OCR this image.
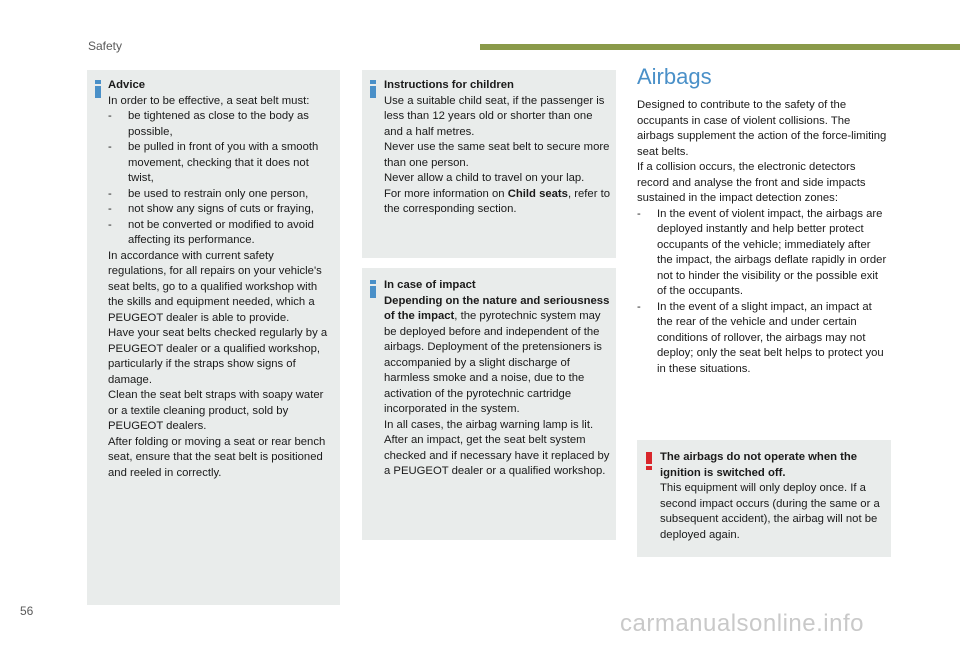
Safety

Advice

In order to be effective, a seat belt must:

- be tightened as close to the body as possible,
- be pulled in front of you with a smooth movement, checking that it does not twist,
- be used to restrain only one person,
- not show any signs of cuts or fraying,
- not be converted or modified to avoid affecting its performance.

In accordance with current safety regulations, for all repairs on your vehicle's seat belts, go to a qualified workshop with the skills and equipment needed, which a PEUGEOT dealer is able to provide.

Have your seat belts checked regularly by a PEUGEOT dealer or a qualified workshop, particularly if the straps show signs of damage.

Clean the seat belt straps with soapy water or a textile cleaning product, sold by PEUGEOT dealers.

After folding or moving a seat or rear bench seat, ensure that the seat belt is positioned and reeled in correctly.

Instructions for children

Use a suitable child seat, if the passenger is less than 12 years old or shorter than one and a half metres.

Never use the same seat belt to secure more than one person.

Never allow a child to travel on your lap.

For more information on Child seats, refer to the corresponding section.

In case of impact

Depending on the nature and seriousness of the impact, the pyrotechnic system may be deployed before and independent of the airbags. Deployment of the pretensioners is accompanied by a slight discharge of harmless smoke and a noise, due to the activation of the pyrotechnic cartridge incorporated in the system.

In all cases, the airbag warning lamp is lit.

After an impact, get the seat belt system checked and if necessary have it replaced by a PEUGEOT dealer or a qualified workshop.

Airbags

Designed to contribute to the safety of the occupants in case of violent collisions. The airbags supplement the action of the force-limiting seat belts.

If a collision occurs, the electronic detectors record and analyse the front and side impacts sustained in the impact detection zones:

- In the event of violent impact, the airbags are deployed instantly and help better protect occupants of the vehicle; immediately after the impact, the airbags deflate rapidly in order not to hinder the visibility or the possible exit of the occupants.
- In the event of a slight impact, an impact at the rear of the vehicle and under certain conditions of rollover, the airbags may not deploy; only the seat belt helps to protect you in these situations.

The airbags do not operate when the ignition is switched off.

This equipment will only deploy once. If a second impact occurs (during the same or a subsequent accident), the airbag will not be deployed again.

56	carmanualsonline.info
